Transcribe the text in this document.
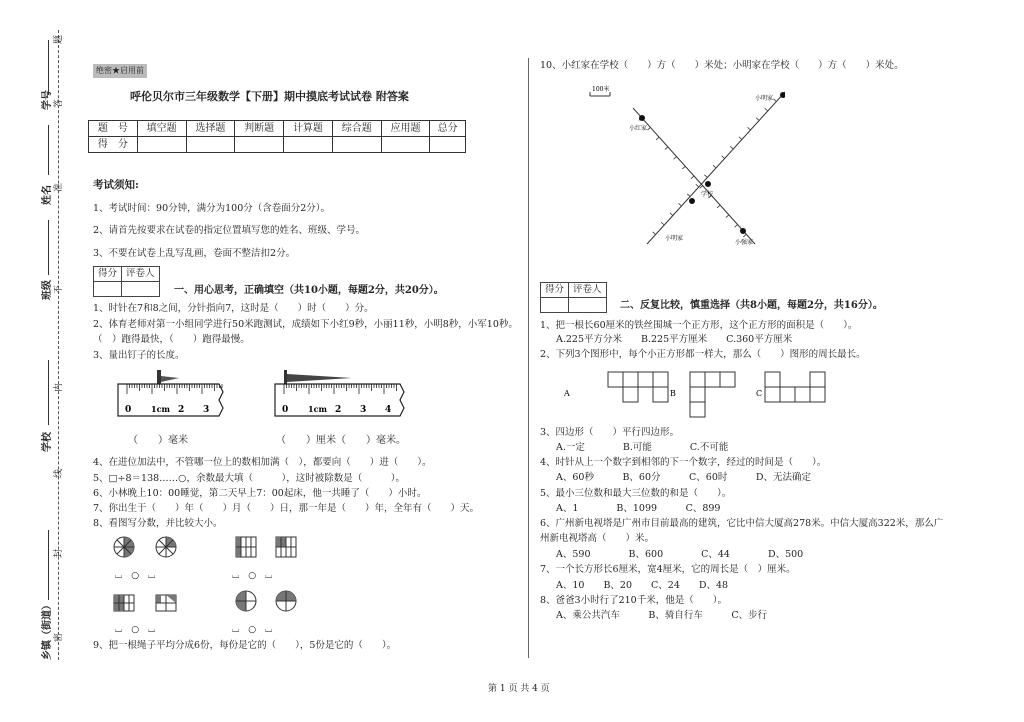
学号
姓名
班级
学校
乡镇（街道）
题
答
准
不
内
线
封
密
绝密★启用前
呼伦贝尔市三年级数学【下册】期中摸底考试试卷 附答案
题　号	填空题	选择题	判断题	计算题	综合题	应用题	总分
得　分							
考试须知:
1、考试时间：90分钟，满分为100分（含卷面分2分）。
2、请首先按要求在试卷的指定位置填写您的姓名、班级、学号。
3、不要在试卷上乱写乱画，卷面不整洁扣2分。
得分	评卷人

一、用心思考，正确填空（共10小题，每题2分，共20分）。
1、时针在7和8之间，分针指向7，这时是（　　）时（　　）分。
2、体育老师对第一小组同学进行50米跑测试，成绩如下小红9秒，小丽11秒，小明8秒，小军10秒。
（　）跑得最快，（　　）跑得最慢。
3、量出钉子的长度。
0 1cm 2 3
（　　）毫米
0 1cm 2 3 4
（　　）厘米（　　）毫米。
4、在进位加法中，不管哪一位上的数相加满（　），都要向（　　）进（　　）。
5、□÷8＝138……○，余数最大填（　　　），这时被除数是（　　　）。
6、小林晚上10：00睡觉，第二天早上7：00起床，他一共睡了（　　）小时。
7、你出生于（　　）年（　　）月（　　）日，那一年是（　　）年，全年有（　　）天。
8、看图写分数，并比较大小。
⌴　○　⌴	⌴　○　⌴
⌴　○　⌴	⌴　○　⌴
9、把一根绳子平均分成6份，每份是它的（　　），5份是它的（　　）。
10、小红家在学校（　　）方（　　）米处；小明家在学校（　　）方（　　）米处。
100米
小红家
小明家
学校
小明家
小强家
得分	评卷人

二、反复比较，慎重选择（共8小题，每题2分，共16分）。
1、把一根长60厘米的铁丝围城一个正方形，这个正方形的面积是（　　）。
A.225平方分米　　B.225平方厘米　　C.360平方厘米
2、下列3个图形中，每个小正方形都一样大，那么（　　）图形的周长最长。
A	B	C
3、四边形（　　）平行四边形。
A.一定　　　　B.可能　　　　C.不可能
4、时针从上一个数字到相邻的下一个数字，经过的时间是（　　）。
A、60秒　　　B、60分　　　C、60时　　　D、无法确定
5、最小三位数和最大三位数的和是（　　）。
A、1　　　　B、1099　　　C、899
6、广州新电视塔是广州市目前最高的建筑，它比中信大厦高278米。中信大厦高322米，那么广
州新电视塔高（　　）米。
A、590　　　　B、600　　　　C、44　　　　D、500
7、一个长方形长6厘米，宽4厘米，它的周长是（　）厘米。
A、10　　B、20　　C、24　　D、48
8、爸爸3小时行了210千米，他是（　　）。
A、乘公共汽车　　　B、骑自行车　　　C、步行
第 1 页 共 4 页
